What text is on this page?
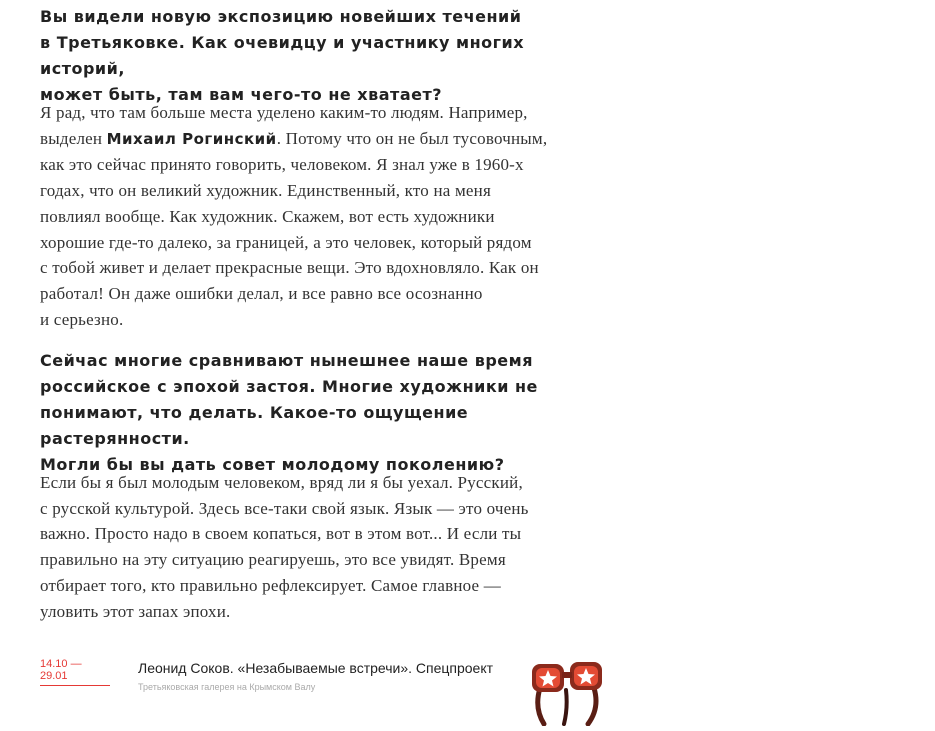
Вы видели новую экспозицию новейших течений
в Третьяковке. Как очевидцу и участнику многих историй,
может быть, там вам чего-то не хватает?

Я рад, что там больше места уделено каким-то людям. Например,
выделен Михаил Рогинский. Потому что он не был тусовочным,
как это сейчас принято говорить, человеком. Я знал уже в 1960-х
годах, что он великий художник. Единственный, кто на меня
повлиял вообще. Как художник. Скажем, вот есть художники
хорошие где-то далеко, за границей, а это человек, который рядом
с тобой живет и делает прекрасные вещи. Это вдохновляло. Как он
работал! Он даже ошибки делал, и все равно все осознанно
и серьезно.

Сейчас многие сравнивают нынешнее наше время
российское с эпохой застоя. Многие художники не
понимают, что делать. Какое-то ощущение растерянности.
Могли бы вы дать совет молодому поколению?

Если бы я был молодым человеком, вряд ли я бы уехал. Русский,
с русской культурой. Здесь все-таки свой язык. Язык — это очень
важно. Просто надо в своем копаться, вот в этом вот... И если ты
правильно на эту ситуацию реагируешь, это все увидят. Время
отбирает того, кто правильно рефлексирует. Самое главное —
уловить этот запах эпохи.

14.10 — 29.01	Леонид Соков. «Незабываемые встречи». Спецпроект
Третьяковская галерея на Крымском Валу
